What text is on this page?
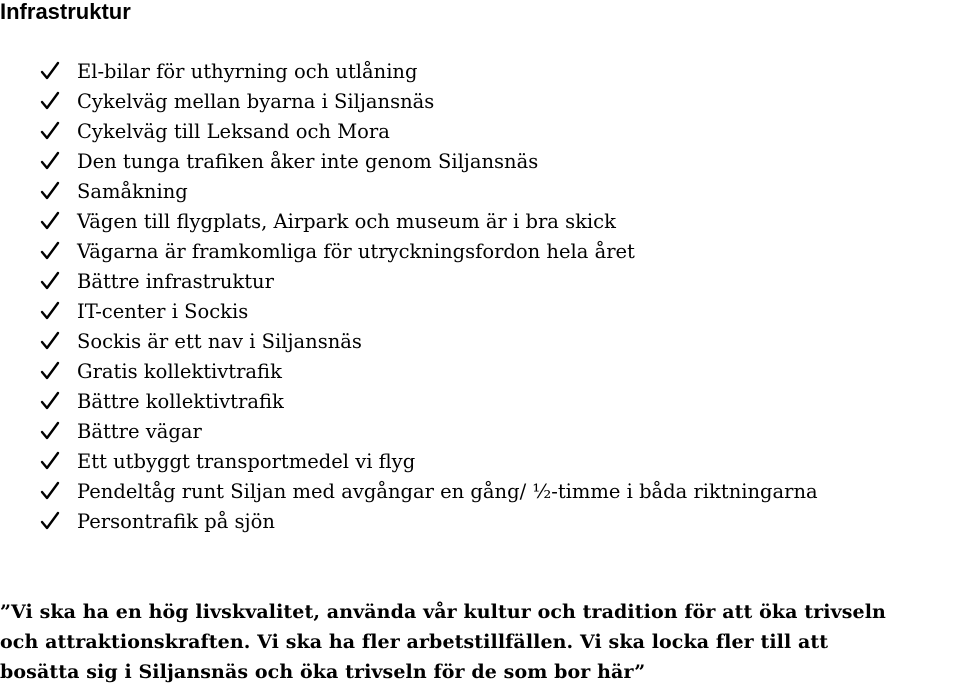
Infrastruktur
El-bilar för uthyrning och utlåning
Cykelväg mellan byarna i Siljansnäs
Cykelväg till Leksand och Mora
Den tunga trafiken åker inte genom Siljansnäs
Samåkning
Vägen till flygplats, Airpark och museum är i bra skick
Vägarna är framkomliga för utryckningsfordon hela året
Bättre infrastruktur
IT-center i Sockis
Sockis är ett nav i Siljansnäs
Gratis kollektivtrafik
Bättre kollektivtrafik
Bättre vägar
Ett utbyggt transportmedel vi flyg
Pendeltåg runt Siljan med avgångar en gång/ ½-timme i båda riktningarna
Persontrafik på sjön

”Vi ska ha en hög livskvalitet, använda vår kultur och tradition för att öka trivseln
och attraktionskraften. Vi ska ha fler arbetstillfällen. Vi ska locka fler till att
bosätta sig i Siljansnäs och öka trivseln för de som bor här”
